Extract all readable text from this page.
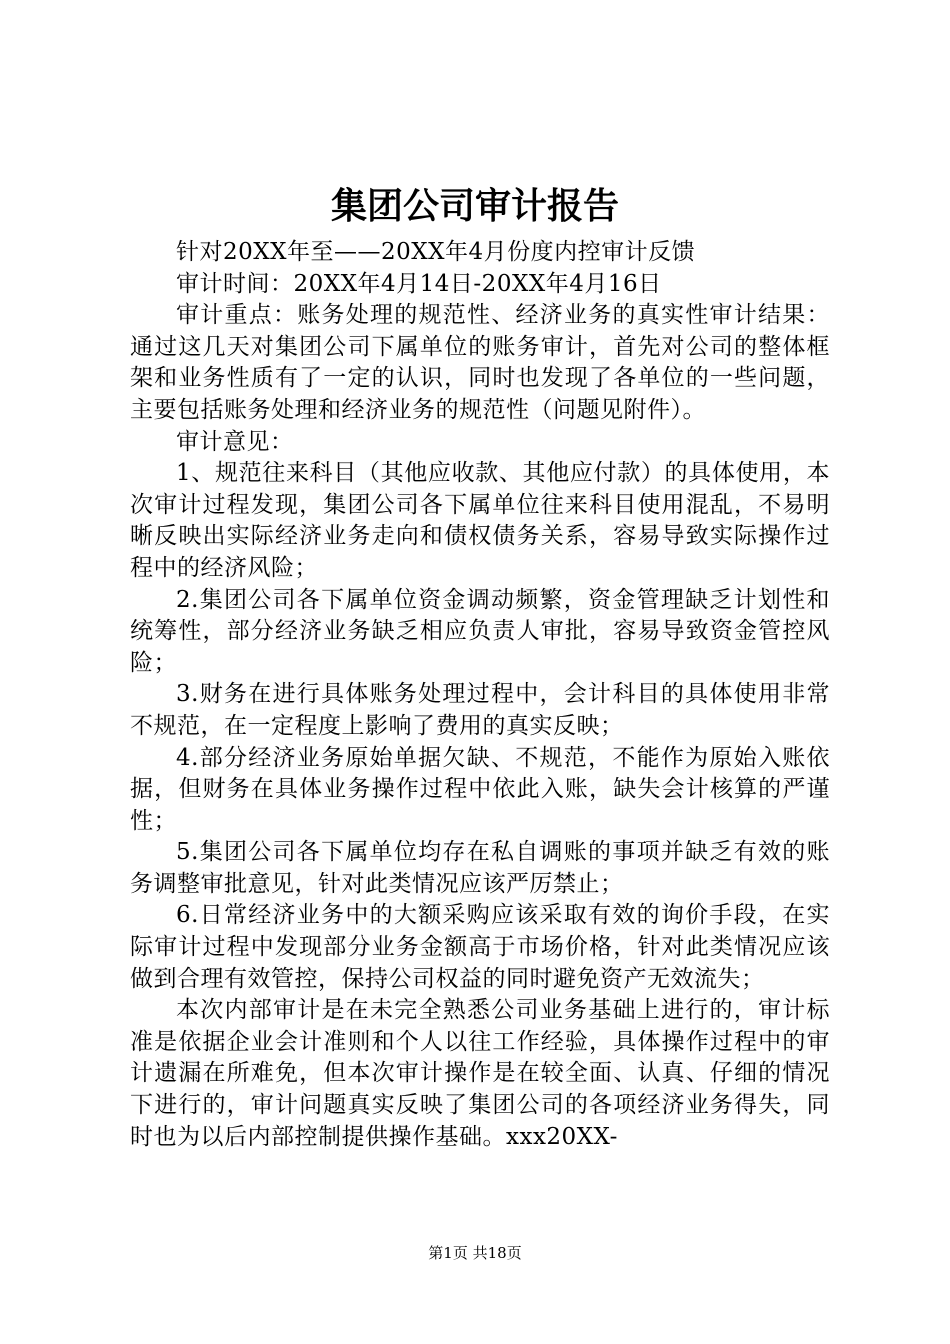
集团公司审计报告

针对20XX年至——20XX年4月份度内控审计反馈

审计时间：20XX年4月14日-20XX年4月16日

审计重点：账务处理的规范性、经济业务的真实性审计结果：通过这几天对集团公司下属单位的账务审计，首先对公司的整体框架和业务性质有了一定的认识，同时也发现了各单位的一些问题，主要包括账务处理和经济业务的规范性（问题见附件）。

审计意见：

1、规范往来科目（其他应收款、其他应付款）的具体使用，本次审计过程发现，集团公司各下属单位往来科目使用混乱，不易明晰反映出实际经济业务走向和债权债务关系，容易导致实际操作过程中的经济风险；

2.集团公司各下属单位资金调动频繁，资金管理缺乏计划性和统筹性，部分经济业务缺乏相应负责人审批，容易导致资金管控风险；

3.财务在进行具体账务处理过程中，会计科目的具体使用非常不规范，在一定程度上影响了费用的真实反映；

4.部分经济业务原始单据欠缺、不规范，不能作为原始入账依据，但财务在具体业务操作过程中依此入账，缺失会计核算的严谨性；

5.集团公司各下属单位均存在私自调账的事项并缺乏有效的账务调整审批意见，针对此类情况应该严厉禁止；

6.日常经济业务中的大额采购应该采取有效的询价手段，在实际审计过程中发现部分业务金额高于市场价格，针对此类情况应该做到合理有效管控，保持公司权益的同时避免资产无效流失；

本次内部审计是在未完全熟悉公司业务基础上进行的，审计标准是依据企业会计准则和个人以往工作经验，具体操作过程中的审计遗漏在所难免，但本次审计操作是在较全面、认真、仔细的情况下进行的，审计问题真实反映了集团公司的各项经济业务得失，同时也为以后内部控制提供操作基础。xxx20XX-

第1页 共18页
